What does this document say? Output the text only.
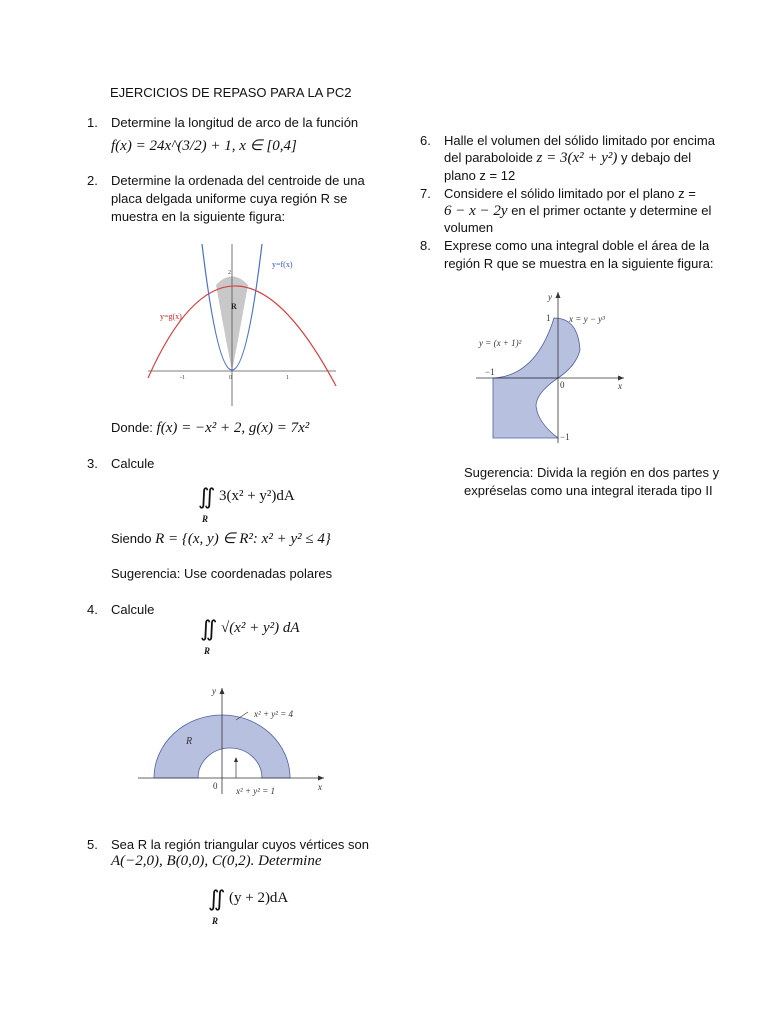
EJERCICIOS DE REPASO PARA LA PC2
1.	Determine la longitud de arco de la función
f(x) = 24x^(3/2) + 1, x ∈ [0,4]
2.	Determine la ordenada del centroide de una
placa delgada uniforme cuya región R se
muestra en la siguiente figura:
y=f(x)
y=g(x)
R
-1	0	1
2
Donde: f(x) = −x² + 2, g(x) = 7x²
3.	Calcule
∬ 3(x² + y²)dA
R
Siendo R = {(x, y) ∈ R²: x² + y² ≤ 4}
Sugerencia: Use coordenadas polares
4.	Calcule
∬ √(x² + y²) dA
R
x² + y² = 4
x² + y² = 1
R
x
y
0
5.	Sea R la región triangular cuyos vértices son
A(−2,0), B(0,0), C(0,2). Determine
∬ (y + 2)dA
R
6.	Halle el volumen del sólido limitado por encima
del paraboloide z = 3(x² + y²) y debajo del
plano z = 12
7.	Considere el sólido limitado por el plano z =
6 − x − 2y en el primer octante y determine el
volumen
8.	Exprese como una integral doble el área de la
región R que se muestra en la siguiente figura:
y
x
x = y − y³
y = (x + 1)²
1
−1
0
−1
Sugerencia: Divida la región en dos partes y
expréselas como una integral iterada tipo II
